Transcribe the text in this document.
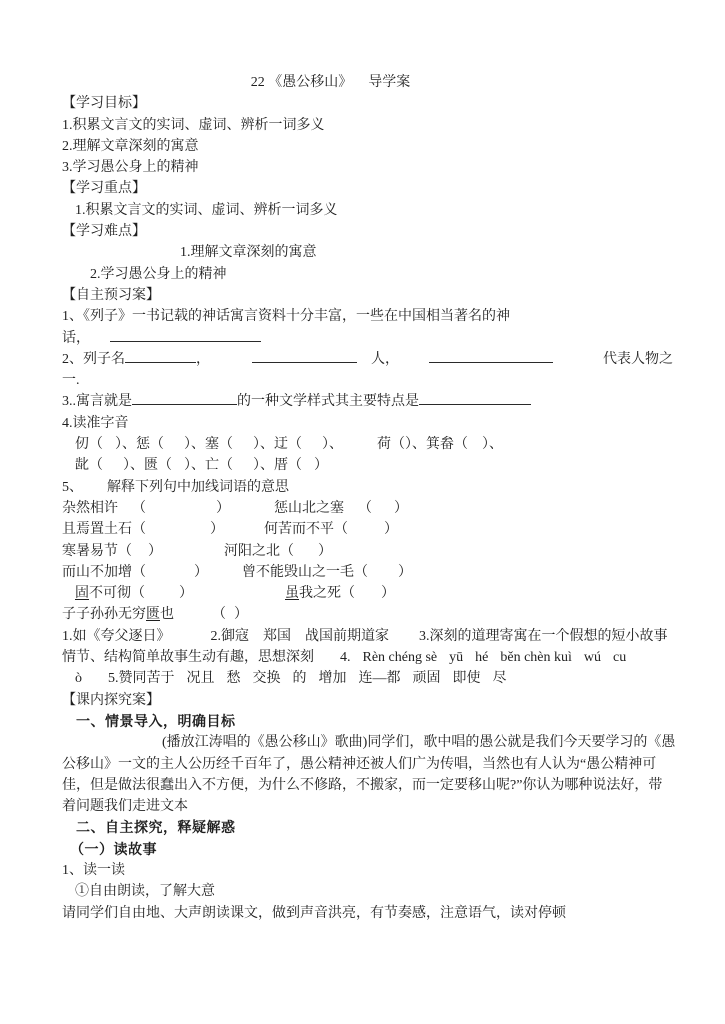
22 《愚公移山》 导学案
【学习目标】
1.积累文言文的实词、虚词、辨析一词多义
2.理解文章深刻的寓意
3.学习愚公身上的精神
【学习重点】
1.积累文言文的实词、虚词、辨析一词多义
【学习难点】
1.理解文章深刻的寓意
2.学习愚公身上的精神
【自主预习案】
1、《列子》一书记载的神话寓言资料十分丰富，一些在中国相当著名的神
话，
2、列子名	，	人，	代表人物之
一.
3..寓言就是	的一种文学样式其主要特点是
4.读准字音
仞（ ）、惩（ ）、塞（ ）、迂（ ）、 荷（）、箕畚（ ）、
龀（ ）、匮（ ）、亡（ ）、厝（ ）
5、 解释下列句中加线词语的意思
杂然相许 （	）	惩山北之塞 （ ）
且焉置土石（	）	何苦而不平（	）
寒暑易节（ ）	河阳之北（ ）
而山不加增（	） 曾不能毁山之一毛（ ）
固不可彻（ ）	虽我之死（ ）
子子孙孙无穷匮也	（ ）
1.如《夸父逐日》	2.御寇 郑国 战国前期道家 3.深刻的道理寄寓在一个假想的短小故事
情节、结构简单故事生动有趣，思想深刻 4. Rèn chéng sè yū hé běn chèn kuì wú cu
ò 5.赞同苦于 况且 愁 交换 的 增加 连—都 顽固 即使 尽
【课内探究案】
一、情景导入，明确目标
(播放江涛唱的《愚公移山》歌曲)同学们，歌中唱的愚公就是我们今天要学习的《愚
公移山》一文的主人公历经千百年了，愚公精神还被人们广为传唱，当然也有人认为“愚公精神可
佳，但是做法很蠢出入不方便，为什么不修路，不搬家，而一定要移山呢?”你认为哪种说法好，带
着问题我们走进文本
二、自主探究，释疑解惑
（一）读故事
1、读一读
①自由朗读，了解大意
请同学们自由地、大声朗读课文，做到声音洪亮，有节奏感，注意语气，读对停顿
